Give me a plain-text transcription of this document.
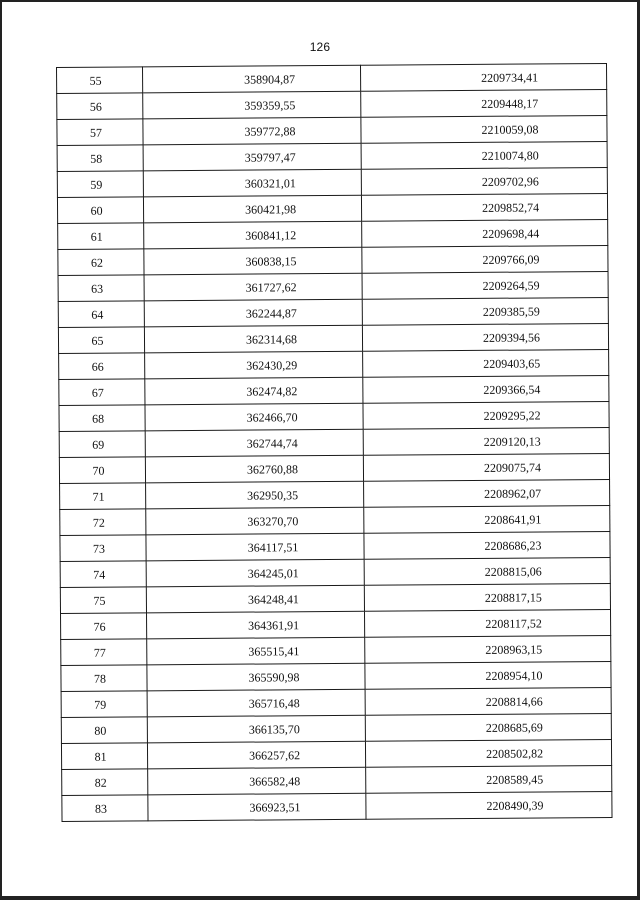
126
55	358904,87	2209734,41
56	359359,55	2209448,17
57	359772,88	2210059,08
58	359797,47	2210074,80
59	360321,01	2209702,96
60	360421,98	2209852,74
61	360841,12	2209698,44
62	360838,15	2209766,09
63	361727,62	2209264,59
64	362244,87	2209385,59
65	362314,68	2209394,56
66	362430,29	2209403,65
67	362474,82	2209366,54
68	362466,70	2209295,22
69	362744,74	2209120,13
70	362760,88	2209075,74
71	362950,35	2208962,07
72	363270,70	2208641,91
73	364117,51	2208686,23
74	364245,01	2208815,06
75	364248,41	2208817,15
76	364361,91	2208117,52
77	365515,41	2208963,15
78	365590,98	2208954,10
79	365716,48	2208814,66
80	366135,70	2208685,69
81	366257,62	2208502,82
82	366582,48	2208589,45
83	366923,51	2208490,39
